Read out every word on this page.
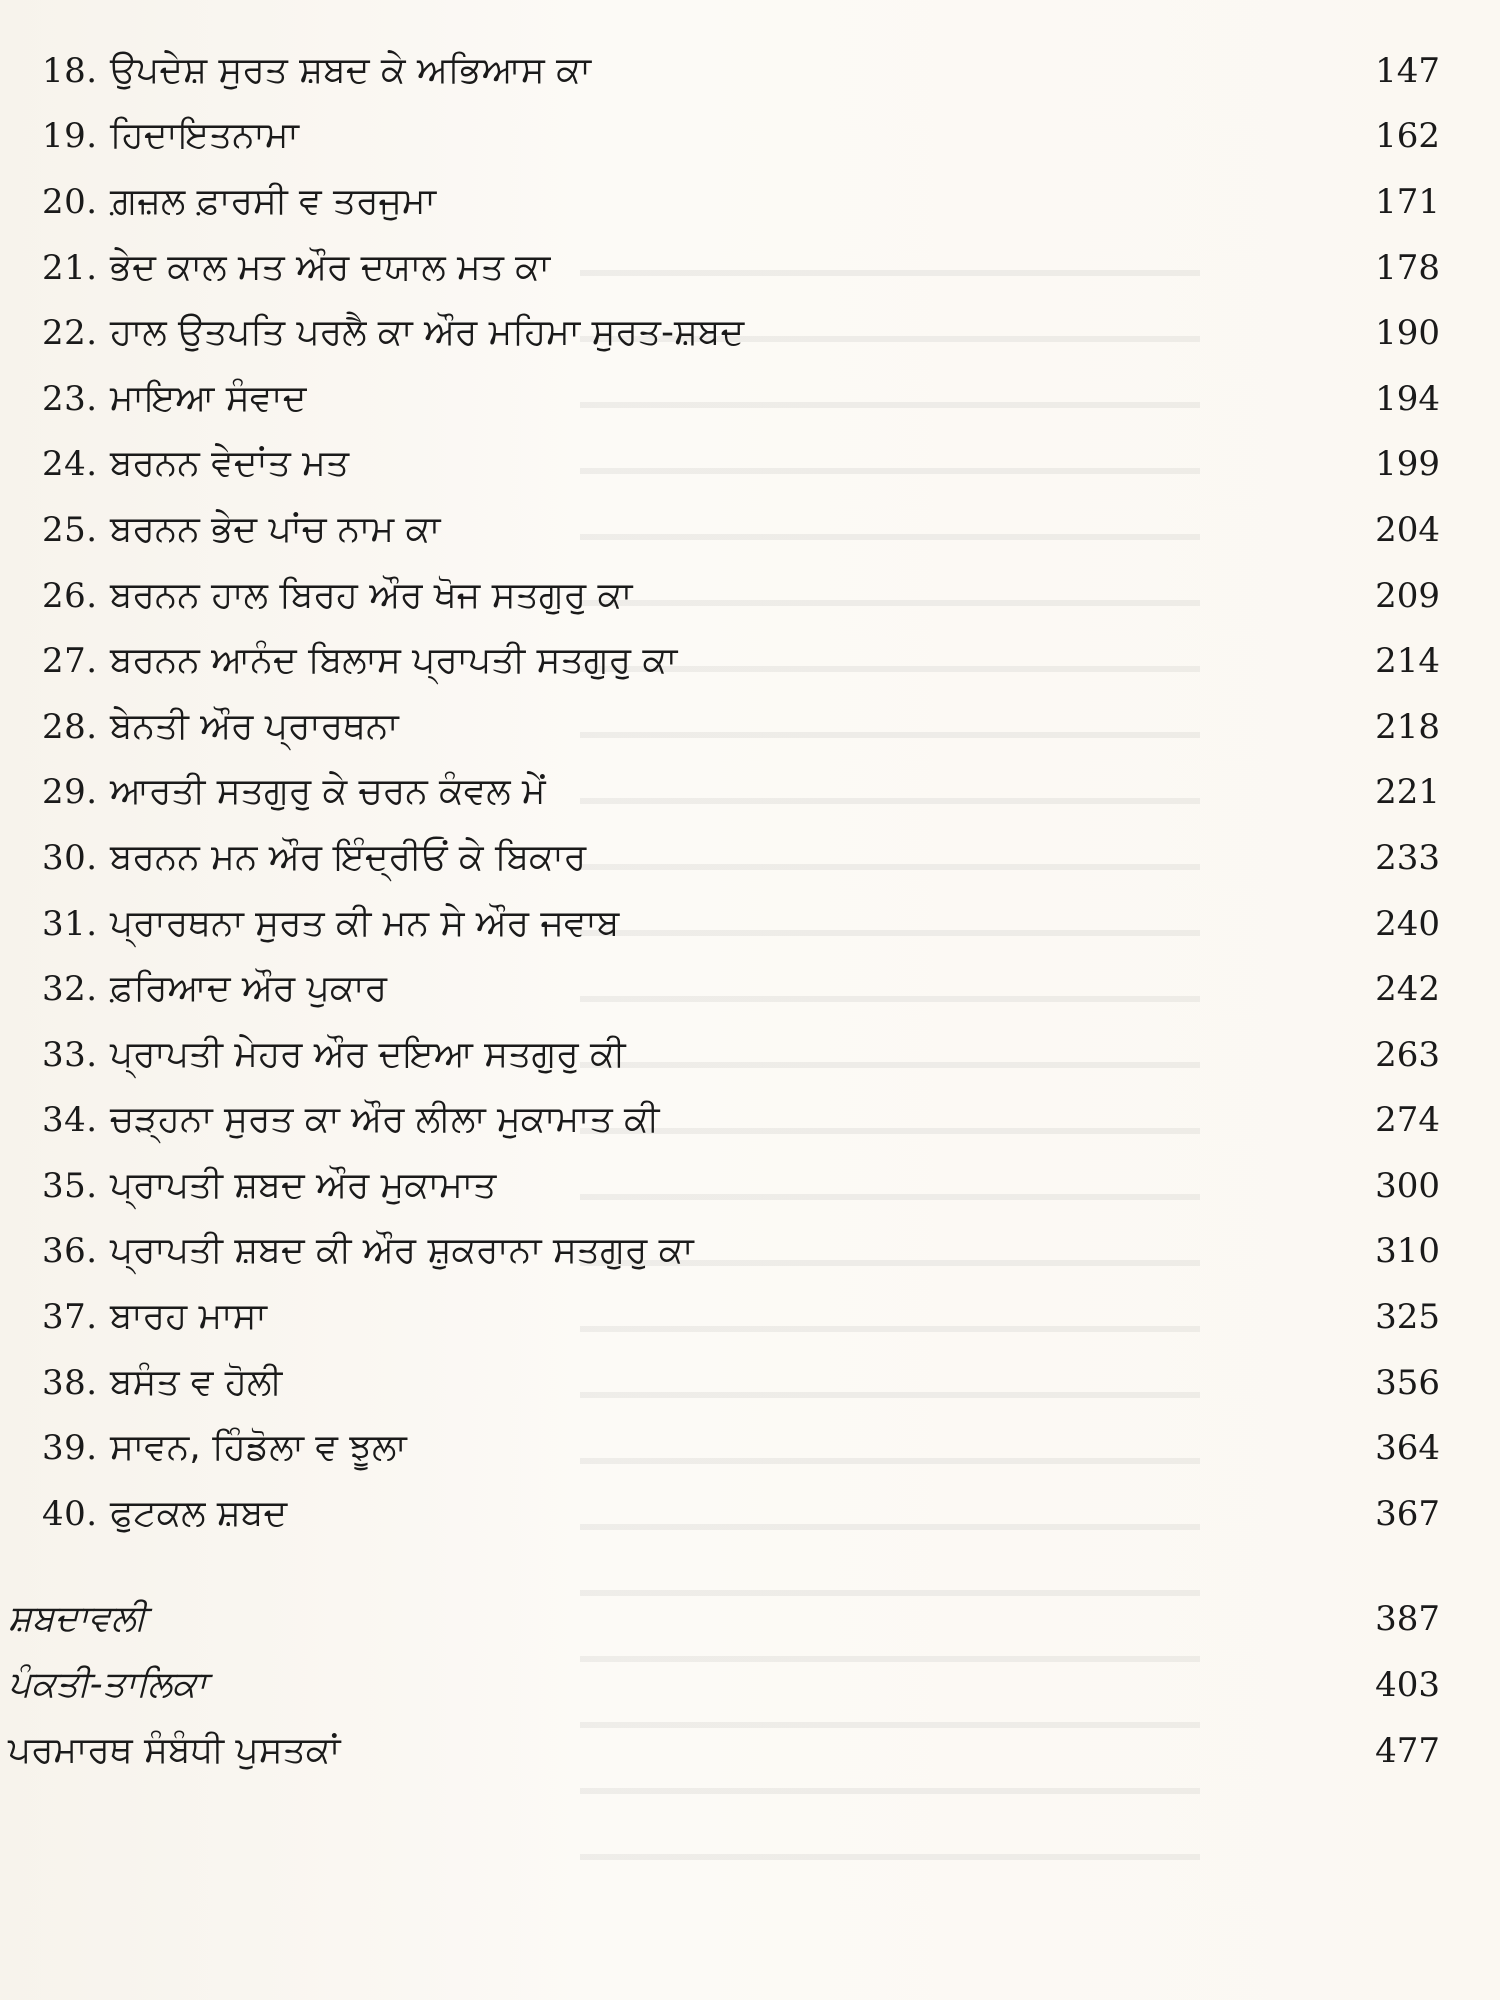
18. ਉਪਦੇਸ਼ ਸੁਰਤ ਸ਼ਬਦ ਕੇ ਅਭਿਆਸ ਕਾ	147
19. ਹਿਦਾਇਤਨਾਮਾ	162
20. ਗ਼ਜ਼ਲ ਫ਼ਾਰਸੀ ਵ ਤਰਜੁਮਾ	171
21. ਭੇਦ ਕਾਲ ਮਤ ਔਰ ਦਯਾਲ ਮਤ ਕਾ	178
22. ਹਾਲ ਉਤਪਤਿ ਪਰਲੈ ਕਾ ਔਰ ਮਹਿਮਾ ਸੁਰਤ-ਸ਼ਬਦ	190
23. ਮਾਇਆ ਸੰਵਾਦ	194
24. ਬਰਨਨ ਵੇਦਾਂਤ ਮਤ	199
25. ਬਰਨਨ ਭੇਦ ਪਾਂਚ ਨਾਮ ਕਾ	204
26. ਬਰਨਨ ਹਾਲ ਬਿਰਹ ਔਰ ਖੋਜ ਸਤਗੁਰੁ ਕਾ	209
27. ਬਰਨਨ ਆਨੰਦ ਬਿਲਾਸ ਪ੍ਰਾਪਤੀ ਸਤਗੁਰੁ ਕਾ	214
28. ਬੇਨਤੀ ਔਰ ਪ੍ਰਾਰਥਨਾ	218
29. ਆਰਤੀ ਸਤਗੁਰੁ ਕੇ ਚਰਨ ਕੰਵਲ ਮੇਂ	221
30. ਬਰਨਨ ਮਨ ਔਰ ਇੰਦ੍ਰੀਓਂ ਕੇ ਬਿਕਾਰ	233
31. ਪ੍ਰਾਰਥਨਾ ਸੁਰਤ ਕੀ ਮਨ ਸੇ ਔਰ ਜਵਾਬ	240
32. ਫ਼ਰਿਆਦ ਔਰ ਪੁਕਾਰ	242
33. ਪ੍ਰਾਪਤੀ ਮੇਹਰ ਔਰ ਦਇਆ ਸਤਗੁਰੁ ਕੀ	263
34. ਚੜ੍ਹਨਾ ਸੁਰਤ ਕਾ ਔਰ ਲੀਲਾ ਮੁਕਾਮਾਤ ਕੀ	274
35. ਪ੍ਰਾਪਤੀ ਸ਼ਬਦ ਔਰ ਮੁਕਾਮਾਤ	300
36. ਪ੍ਰਾਪਤੀ ਸ਼ਬਦ ਕੀ ਔਰ ਸ਼ੁਕਰਾਨਾ ਸਤਗੁਰੁ ਕਾ	310
37. ਬਾਰਹ ਮਾਸਾ	325
38. ਬਸੰਤ ਵ ਹੋਲੀ	356
39. ਸਾਵਨ, ਹਿੰਡੋਲਾ ਵ ਝੂਲਾ	364
40. ਫੁਟਕਲ ਸ਼ਬਦ	367
ਸ਼ਬਦਾਵਲੀ	387
ਪੰਕਤੀ-ਤਾਲਿਕਾ	403
ਪਰਮਾਰਥ ਸੰਬੰਧੀ ਪੁਸਤਕਾਂ	477
